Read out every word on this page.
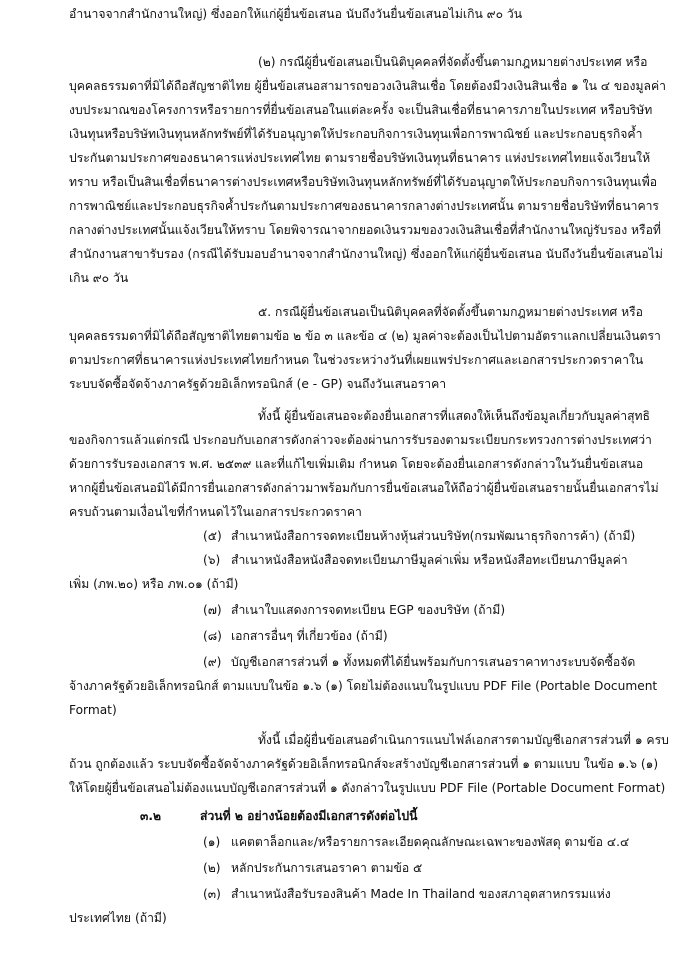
อำนาจจากสำนักงานใหญ่) ซึ่งออกให้แก่ผู้ยื่นข้อเสนอ นับถึงวันยื่นข้อเสนอไม่เกิน ๙๐ วัน
(๒) กรณีผู้ยื่นข้อเสนอเป็นนิติบุคคลที่จัดตั้งขึ้นตามกฎหมายต่างประเทศ หรือ
บุคคลธรรมดาที่มิได้ถือสัญชาติไทย ผู้ยื่นข้อเสนอสามารถขอวงเงินสินเชื่อ โดยต้องมีวงเงินสินเชื่อ ๑ ใน ๔ ของมูลค่า
งบประมาณของโครงการหรือรายการที่ยื่นข้อเสนอในแต่ละครั้ง จะเป็นสินเชื่อที่ธนาคารภายในประเทศ หรือบริษัท
เงินทุนหรือบริษัทเงินทุนหลักทรัพย์ที่ได้รับอนุญาตให้ประกอบกิจการเงินทุนเพื่อการพาณิชย์ และประกอบธุรกิจค้ำ
ประกันตามประกาศของธนาคารแห่งประเทศไทย ตามรายชื่อบริษัทเงินทุนที่ธนาคาร แห่งประเทศไทยแจ้งเวียนให้
ทราบ หรือเป็นสินเชื่อที่ธนาคารต่างประเทศหรือบริษัทเงินทุนหลักทรัพย์ที่ได้รับอนุญาตให้ประกอบกิจการเงินทุนเพื่อ
การพาณิชย์และประกอบธุรกิจค้ำประกันตามประกาศของธนาคารกลางต่างประเทศนั้น ตามรายชื่อบริษัทที่ธนาคาร
กลางต่างประเทศนั้นแจ้งเวียนให้ทราบ โดยพิจารณาจากยอดเงินรวมของวงเงินสินเชื่อที่สำนักงานใหญ่รับรอง หรือที่
สำนักงานสาขารับรอง (กรณีได้รับมอบอำนาจจากสำนักงานใหญ่) ซึ่งออกให้แก่ผู้ยื่นข้อเสนอ นับถึงวันยื่นข้อเสนอไม่
เกิน ๙๐ วัน
๕. กรณีผู้ยื่นข้อเสนอเป็นนิติบุคคลที่จัดตั้งขึ้นตามกฎหมายต่างประเทศ หรือ
บุคคลธรรมดาที่มิได้ถือสัญชาติไทยตามข้อ ๒ ข้อ ๓ และข้อ ๔ (๒) มูลค่าจะต้องเป็นไปตามอัตราแลกเปลี่ยนเงินตรา
ตามประกาศที่ธนาคารแห่งประเทศไทยกำหนด ในช่วงระหว่างวันที่เผยแพร่ประกาศและเอกสารประกวดราคาใน
ระบบจัดซื้อจัดจ้างภาครัฐด้วยอิเล็กทรอนิกส์ (e - GP) จนถึงวันเสนอราคา
ทั้งนี้ ผู้ยื่นข้อเสนอจะต้องยื่นเอกสารที่แสดงให้เห็นถึงข้อมูลเกี่ยวกับมูลค่าสุทธิ
ของกิจการแล้วแต่กรณี ประกอบกับเอกสารดังกล่าวจะต้องผ่านการรับรองตามระเบียบกระทรวงการต่างประเทศว่า
ด้วยการรับรองเอกสาร พ.ศ. ๒๕๓๙ และที่แก้ไขเพิ่มเติม กำหนด โดยจะต้องยื่นเอกสารดังกล่าวในวันยื่นข้อเสนอ
หากผู้ยื่นข้อเสนอมิได้มีการยื่นเอกสารดังกล่าวมาพร้อมกับการยื่นข้อเสนอให้ถือว่าผู้ยื่นข้อเสนอรายนั้นยื่นเอกสารไม่
ครบถ้วนตามเงื่อนไขที่กำหนดไว้ในเอกสารประกวดราคา
(๕) สำเนาหนังสือการจดทะเบียนห้างหุ้นส่วนบริษัท(กรมพัฒนาธุรกิจการค้า) (ถ้ามี)
(๖) สำเนาหนังสือหนังสือจดทะเบียนภาษีมูลค่าเพิ่ม หรือหนังสือทะเบียนภาษีมูลค่า
เพิ่ม (ภพ.๒๐) หรือ ภพ.๐๑ (ถ้ามี)
(๗) สำเนาใบแสดงการจดทะเบียน EGP ของบริษัท (ถ้ามี)
(๘) เอกสารอื่นๆ ที่เกี่ยวข้อง (ถ้ามี)
(๙) บัญชีเอกสารส่วนที่ ๑ ทั้งหมดที่ได้ยื่นพร้อมกับการเสนอราคาทางระบบจัดซื้อจัด
จ้างภาครัฐด้วยอิเล็กทรอนิกส์ ตามแบบในข้อ ๑.๖ (๑) โดยไม่ต้องแนบในรูปแบบ PDF File (Portable Document
Format)
ทั้งนี้ เมื่อผู้ยื่นข้อเสนอดำเนินการแนบไฟล์เอกสารตามบัญชีเอกสารส่วนที่ ๑ ครบ
ถ้วน ถูกต้องแล้ว ระบบจัดซื้อจัดจ้างภาครัฐด้วยอิเล็กทรอนิกส์จะสร้างบัญชีเอกสารส่วนที่ ๑ ตามแบบ ในข้อ ๑.๖ (๑)
ให้โดยผู้ยื่นข้อเสนอไม่ต้องแนบบัญชีเอกสารส่วนที่ ๑ ดังกล่าวในรูปแบบ PDF File (Portable Document Format)
๓.๒	ส่วนที่ ๒ อย่างน้อยต้องมีเอกสารดังต่อไปนี้
(๑) แคตตาล็อกและ/หรือรายการละเอียดคุณลักษณะเฉพาะของพัสดุ ตามข้อ ๔.๔
(๒) หลักประกันการเสนอราคา ตามข้อ ๕
(๓) สำเนาหนังสือรับรองสินค้า Made In Thailand ของสภาอุตสาหกรรมแห่ง
ประเทศไทย (ถ้ามี)
